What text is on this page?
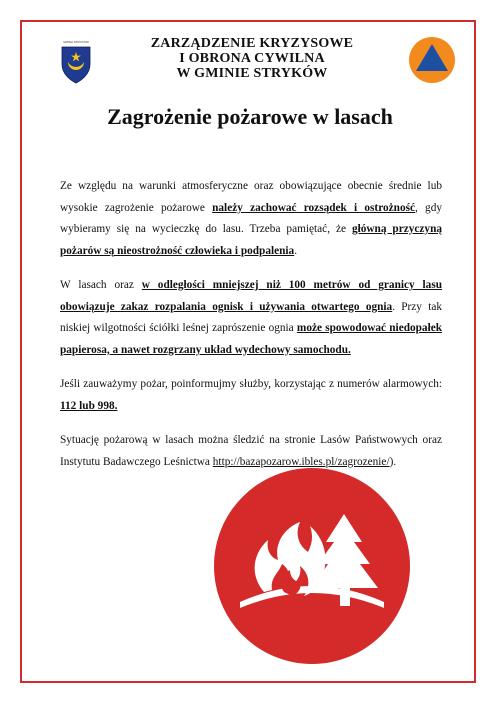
GMINA STRYKÓW	ZARZĄDZENIE KRYZYSOWE
I OBRONA CYWILNA
W GMINIE STRYKÓW
Zagrożenie pożarowe w lasach

Ze względu na warunki atmosferyczne oraz obowiązujące obecnie średnie lub wysokie zagrożenie pożarowe należy zachować rozsądek i ostrożność, gdy wybieramy się na wycieczkę do lasu. Trzeba pamiętać, że główną przyczyną pożarów są nieostrożność człowieka i podpalenia.

W lasach oraz w odległości mniejszej niż 100 metrów od granicy lasu obowiązuje zakaz rozpalania ognisk i używania otwartego ognia. Przy tak niskiej wilgotności ściółki leśnej zaprószenie ognia może spowodować niedopałek papierosa, a nawet rozgrzany układ wydechowy samochodu.

Jeśli zauważymy pożar, poinformujmy służby, korzystając z numerów alarmowych: 112 lub 998.

Sytuację pożarową w lasach można śledzić na stronie Lasów Państwowych oraz Instytutu Badawczego Leśnictwa http://bazapozarow.ibles.pl/zagrozenie/).
